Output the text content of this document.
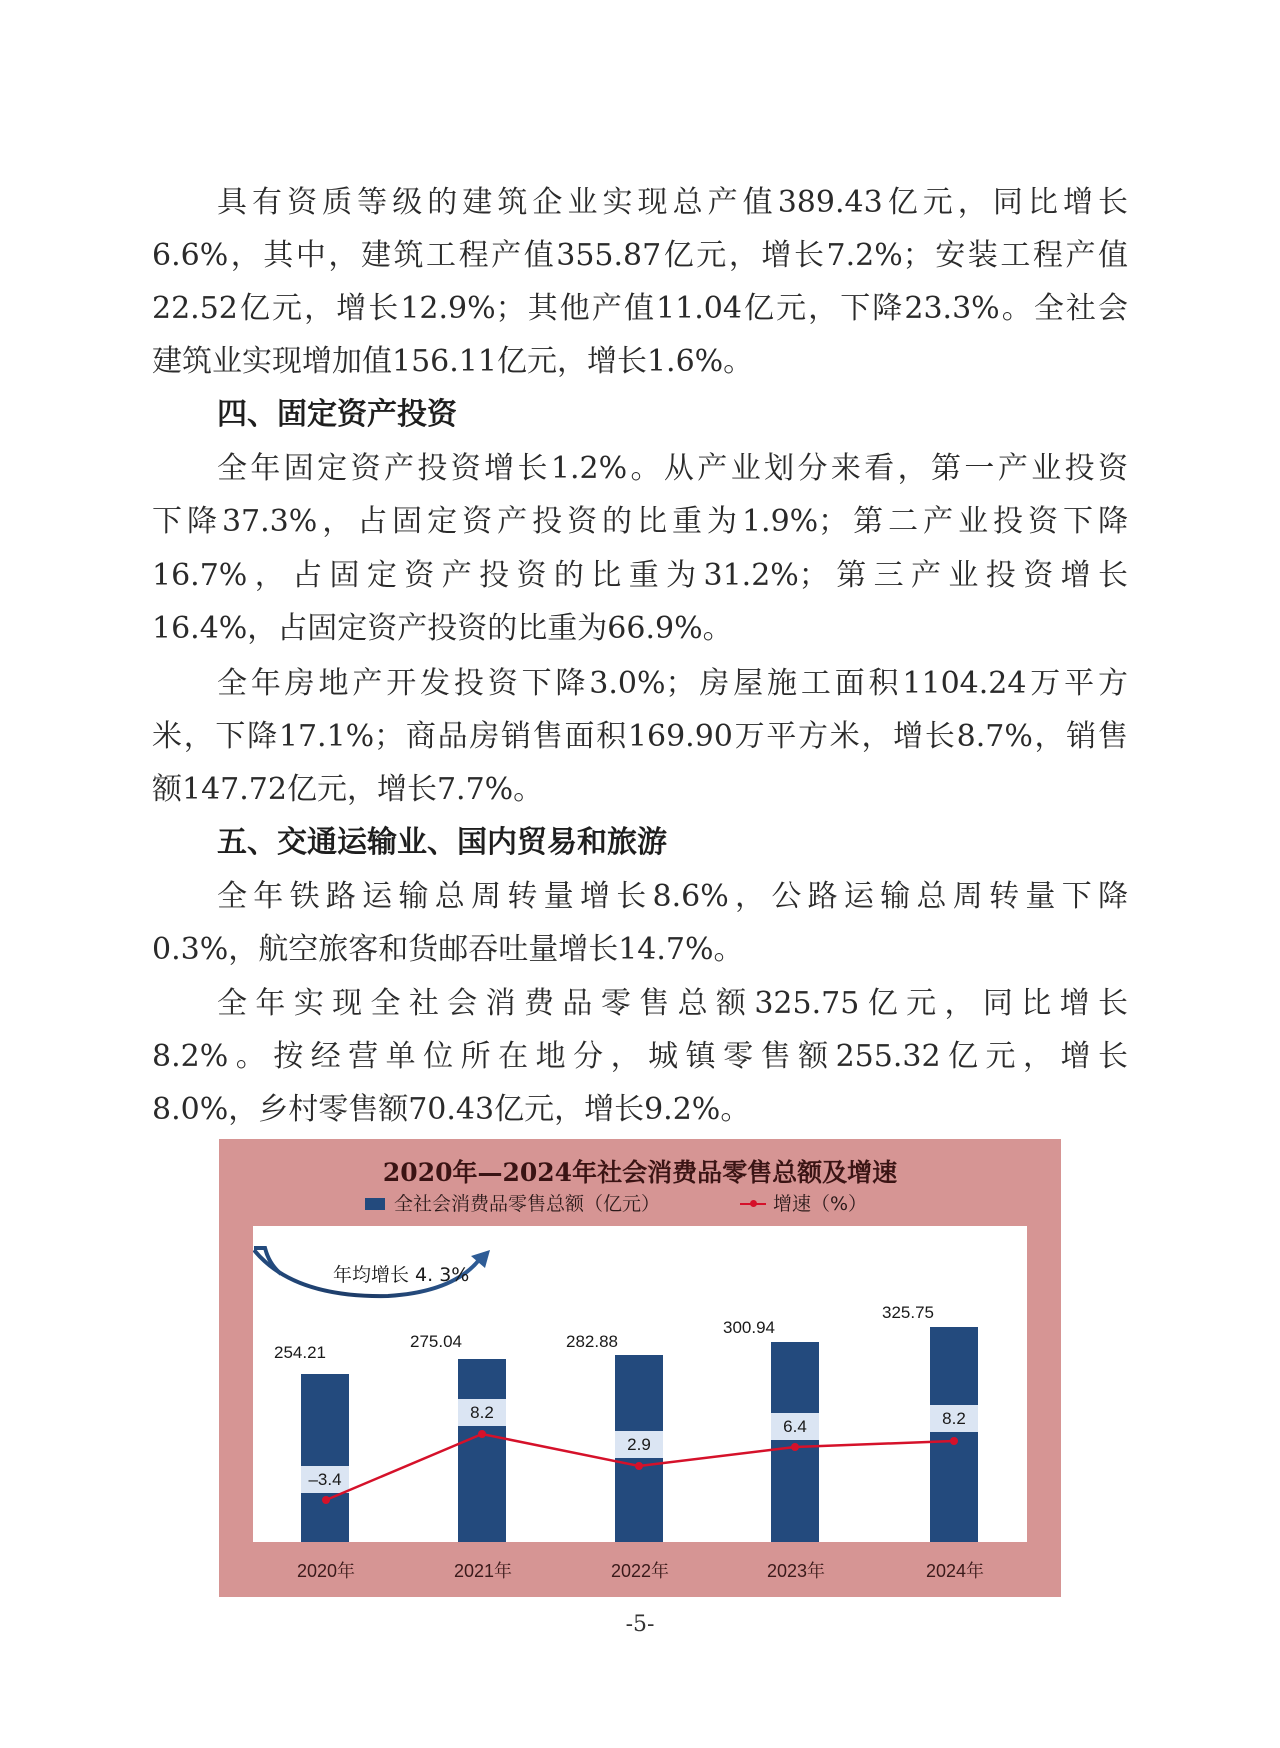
具有资质等级的建筑企业实现总产值389.43亿元，同比增长
6.6%，其中，建筑工程产值355.87亿元，增长7.2%；安装工程产值
22.52亿元，增长12.9%；其他产值11.04亿元，下降23.3%。全社会
建筑业实现增加值156.11亿元，增长1.6%。
四、固定资产投资
全年固定资产投资增长1.2%。从产业划分来看，第一产业投资
下降37.3%，占固定资产投资的比重为1.9%；第二产业投资下降
16.7%，占固定资产投资的比重为31.2%；第三产业投资增长
16.4%，占固定资产投资的比重为66.9%。
全年房地产开发投资下降3.0%；房屋施工面积1104.24万平方
米，下降17.1%；商品房销售面积169.90万平方米，增长8.7%，销售
额147.72亿元，增长7.7%。
五、交通运输业、国内贸易和旅游
全年铁路运输总周转量增长8.6%，公路运输总周转量下降
0.3%，航空旅客和货邮吞吐量增长14.7%。
全年实现全社会消费品零售总额325.75亿元，同比增长
8.2%。按经营单位所在地分，城镇零售额255.32亿元，增长
8.0%，乡村零售额70.43亿元，增长9.2%。
2020年—2024年社会消费品零售总额及增速
全社会消费品零售总额（亿元）	增速（%）
年均增长 4. 3%
254.21
–3.4
275.04
8.2
282.88
2.9
300.94
6.4
325.75
8.2
2020年	2021年	2022年	2023年	2024年
-5-
